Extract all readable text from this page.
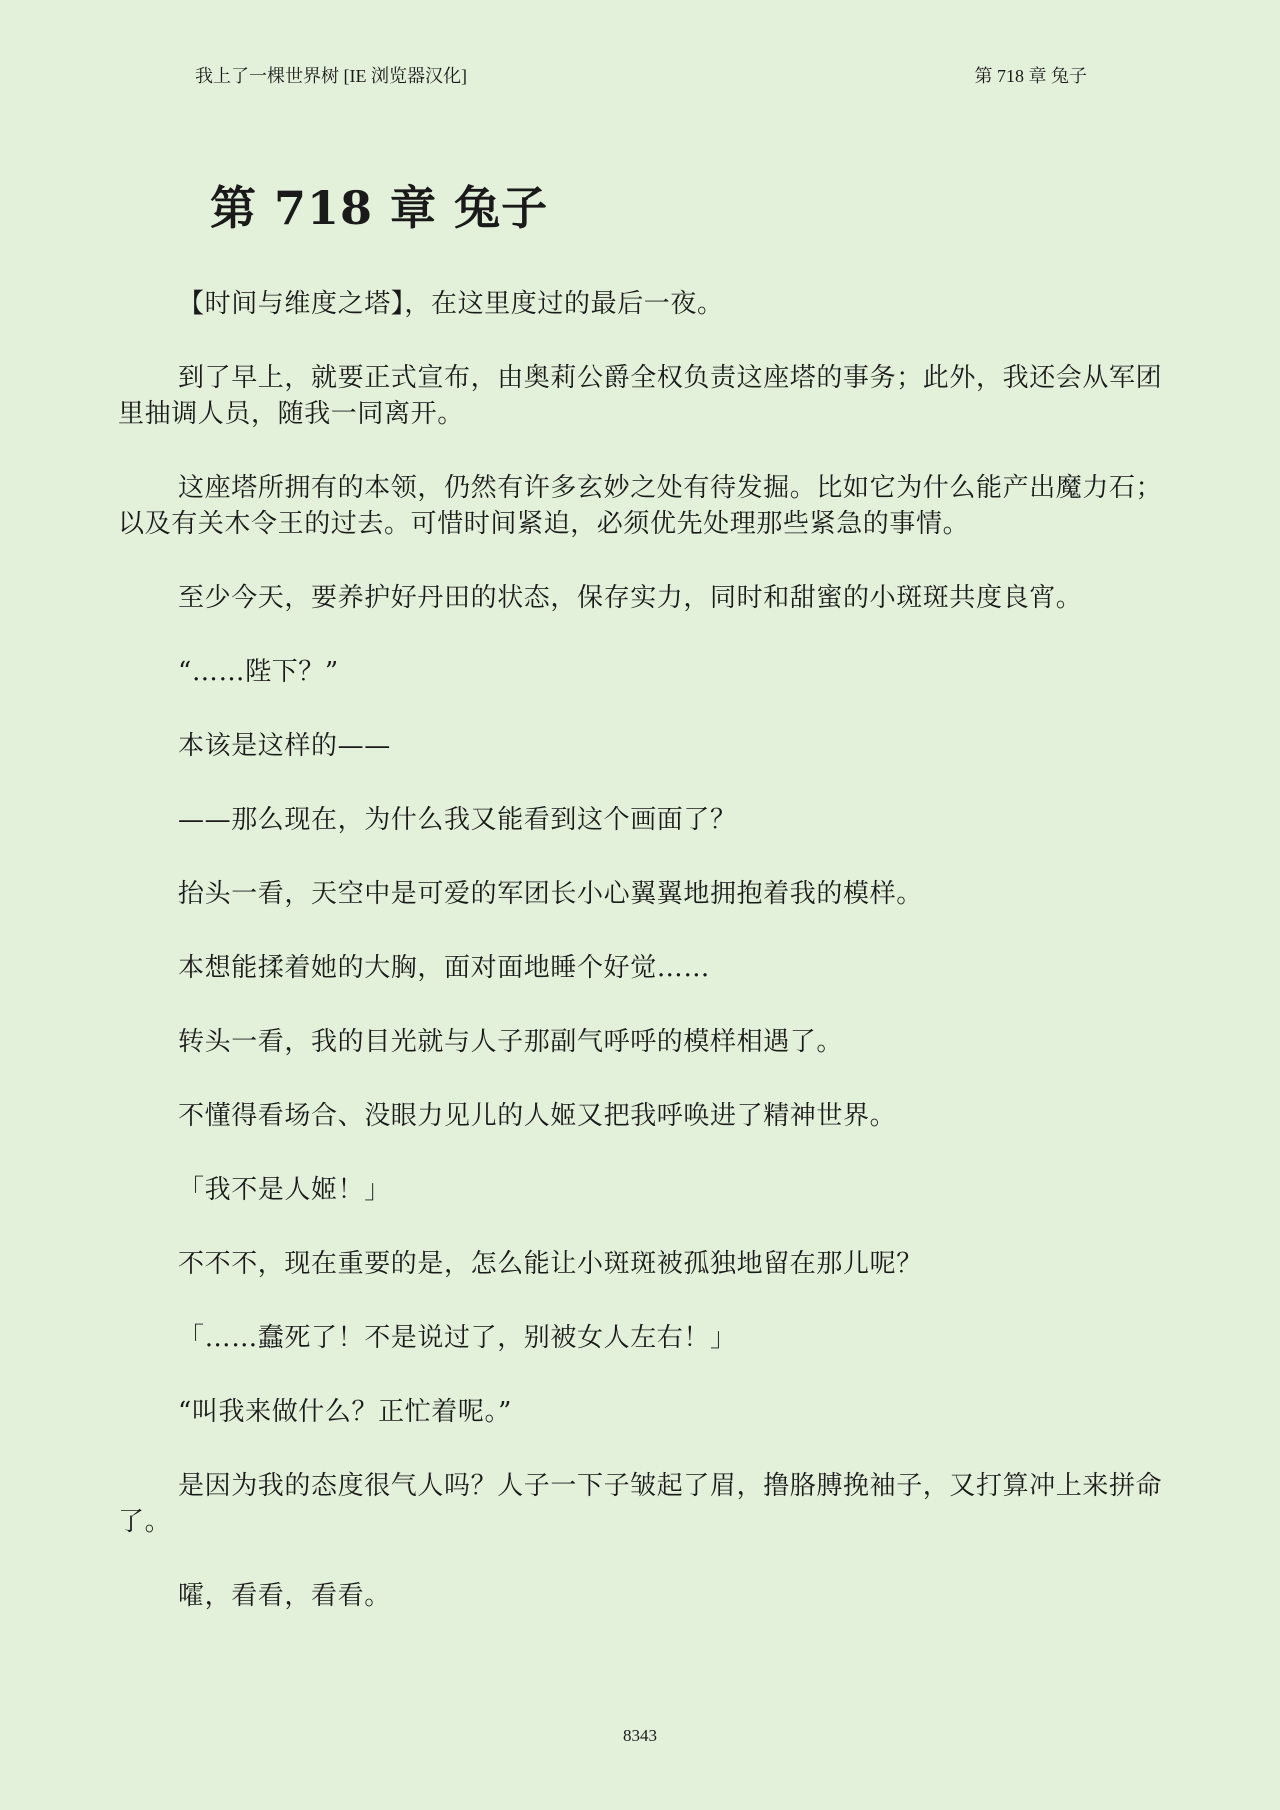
我上了一棵世界树 [IE 浏览器汉化]	第 718 章 兔子
第 718 章 兔子

【时间与维度之塔】，在这里度过的最后一夜。

到了早上，就要正式宣布，由奥莉公爵全权负责这座塔的事务；此外，我还会从军团里抽调人员，随我一同离开。

这座塔所拥有的本领，仍然有许多玄妙之处有待发掘。比如它为什么能产出魔力石；以及有关木令王的过去。可惜时间紧迫，必须优先处理那些紧急的事情。

至少今天，要养护好丹田的状态，保存实力，同时和甜蜜的小斑斑共度良宵。

“……陛下？”

本该是这样的——

——那么现在，为什么我又能看到这个画面了？

抬头一看，天空中是可爱的军团长小心翼翼地拥抱着我的模样。

本想能揉着她的大胸，面对面地睡个好觉……

转头一看，我的目光就与人子那副气呼呼的模样相遇了。

不懂得看场合、没眼力见儿的人姬又把我呼唤进了精神世界。

「我不是人姬！」

不不不，现在重要的是，怎么能让小斑斑被孤独地留在那儿呢？

「……蠢死了！不是说过了，别被女人左右！」

“叫我来做什么？正忙着呢。”

是因为我的态度很气人吗？人子一下子皱起了眉，撸胳膊挽袖子，又打算冲上来拼命了。

嚯，看看，看看。

8343
